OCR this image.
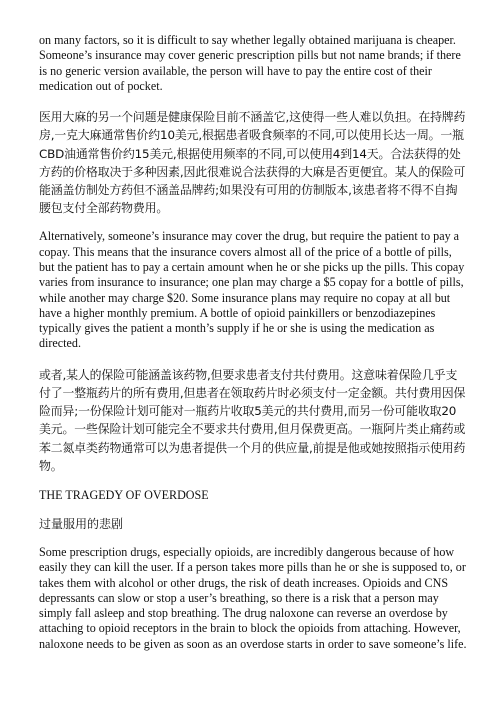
on many factors, so it is difficult to say whether legally obtained marijuana is cheaper. Someone’s insurance may cover generic prescription pills but not name brands; if there is no generic version available, the person will have to pay the entire cost of their medication out of pocket.

医用大麻的另一个问题是健康保险目前不涵盖它,这使得一些人难以负担。在持牌药房,一克大麻通常售价约10美元,根据患者吸食频率的不同,可以使用长达一周。一瓶CBD油通常售价约15美元,根据使用频率的不同,可以使用4到14天。合法获得的处方药的价格取决于多种因素,因此很难说合法获得的大麻是否更便宜。某人的保险可能涵盖仿制处方药但不涵盖品牌药;如果没有可用的仿制版本,该患者将不得不自掏腰包支付全部药物费用。

Alternatively, someone’s insurance may cover the drug, but require the patient to pay a copay. This means that the insurance covers almost all of the price of a bottle of pills, but the patient has to pay a certain amount when he or she picks up the pills. This copay varies from insurance to insurance; one plan may charge a $5 copay for a bottle of pills, while another may charge $20. Some insurance plans may require no copay at all but have a higher monthly premium. A bottle of opioid painkillers or benzodiazepines typically gives the patient a month’s supply if he or she is using the medication as directed.

或者,某人的保险可能涵盖该药物,但要求患者支付共付费用。这意味着保险几乎支付了一整瓶药片的所有费用,但患者在领取药片时必须支付一定金额。共付费用因保险而异;一份保险计划可能对一瓶药片收取5美元的共付费用,而另一份可能收取20美元。一些保险计划可能完全不要求共付费用,但月保费更高。一瓶阿片类止痛药或苯二氮卓类药物通常可以为患者提供一个月的供应量,前提是他或她按照指示使用药物。

THE TRAGEDY OF OVERDOSE

过量服用的悲剧

Some prescription drugs, especially opioids, are incredibly dangerous because of how easily they can kill the user. If a person takes more pills than he or she is supposed to, or takes them with alcohol or other drugs, the risk of death increases. Opioids and CNS depressants can slow or stop a user’s breathing, so there is a risk that a person may simply fall asleep and stop breathing. The drug naloxone can reverse an overdose by attaching to opioid receptors in the brain to block the opioids from attaching. However, naloxone needs to be given as soon as an overdose starts in order to save someone’s life.
